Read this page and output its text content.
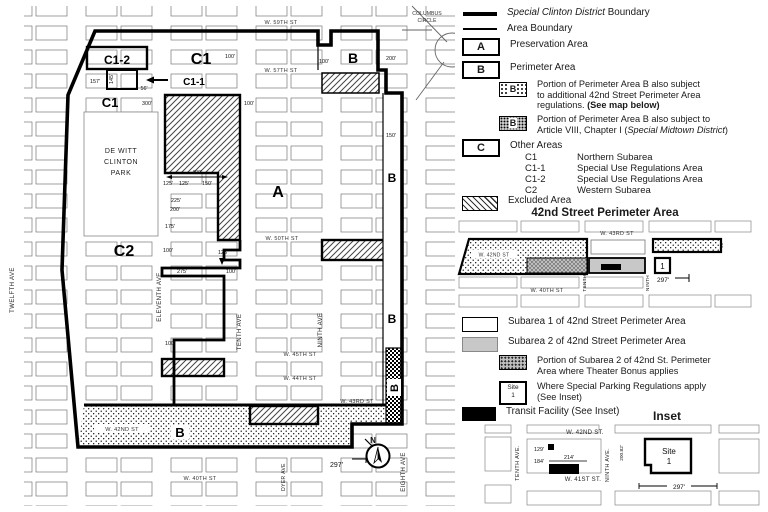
W. 59TH ST
W. 57TH ST
W. 50TH ST
W. 45TH ST
W. 44TH ST
W. 43RD ST
W. 42ND ST
W. 40TH ST
TWELFTH AVE	ELEVENTH AVE
TENTH AVE	NINTH AVE
DYER AVE	EIGHTH AVE
C1-2	C1
C1-1
C1
B
A
C2
B
B
B
B
DE WITT
CLINTON
PARK
COLUMBUS
CIRCLE
100'
100'	200'
157' 145'
56'
300'	100'
150'
400'
125' 125' 150'
225'
200'
175'
100'	125'
275'	100'
100'
297'
N
Special Clinton District Boundary
Area Boundary
A	Preservation Area
B	Perimeter Area
B	Portion of Perimeter Area B also subject
to additional 42nd Street Perimeter Area
regulations. (See map below)
B	Portion of Perimeter Area B also subject to
Article VIII, Chapter I (Special Midtown District)
C	Other Areas
C1	Northern Subarea
C1-1	Special Use Regulations Area
C1-2	Special Use Regulations Area
C2	Western Subarea
Excluded Area
42nd Street Perimeter Area
1
W. 43RD ST
W. 42ND ST
W. 40TH ST	TENTH	NINTH 297'
90'
Subarea 1 of 42nd Street Perimeter Area
Subarea 2 of 42nd Street Perimeter Area
Portion of Subarea 2 of 42nd St. Perimeter
Area where Theater Bonus applies
Site
1
Where Special Parking Regulations apply
(See Inset)
Transit Facility (See Inset)	Inset
W. 42ND ST.
W. 41ST ST.
TENTH AVE.	NINTH AVE.
129'
184'
214'	200.82'	Site
1
297'
